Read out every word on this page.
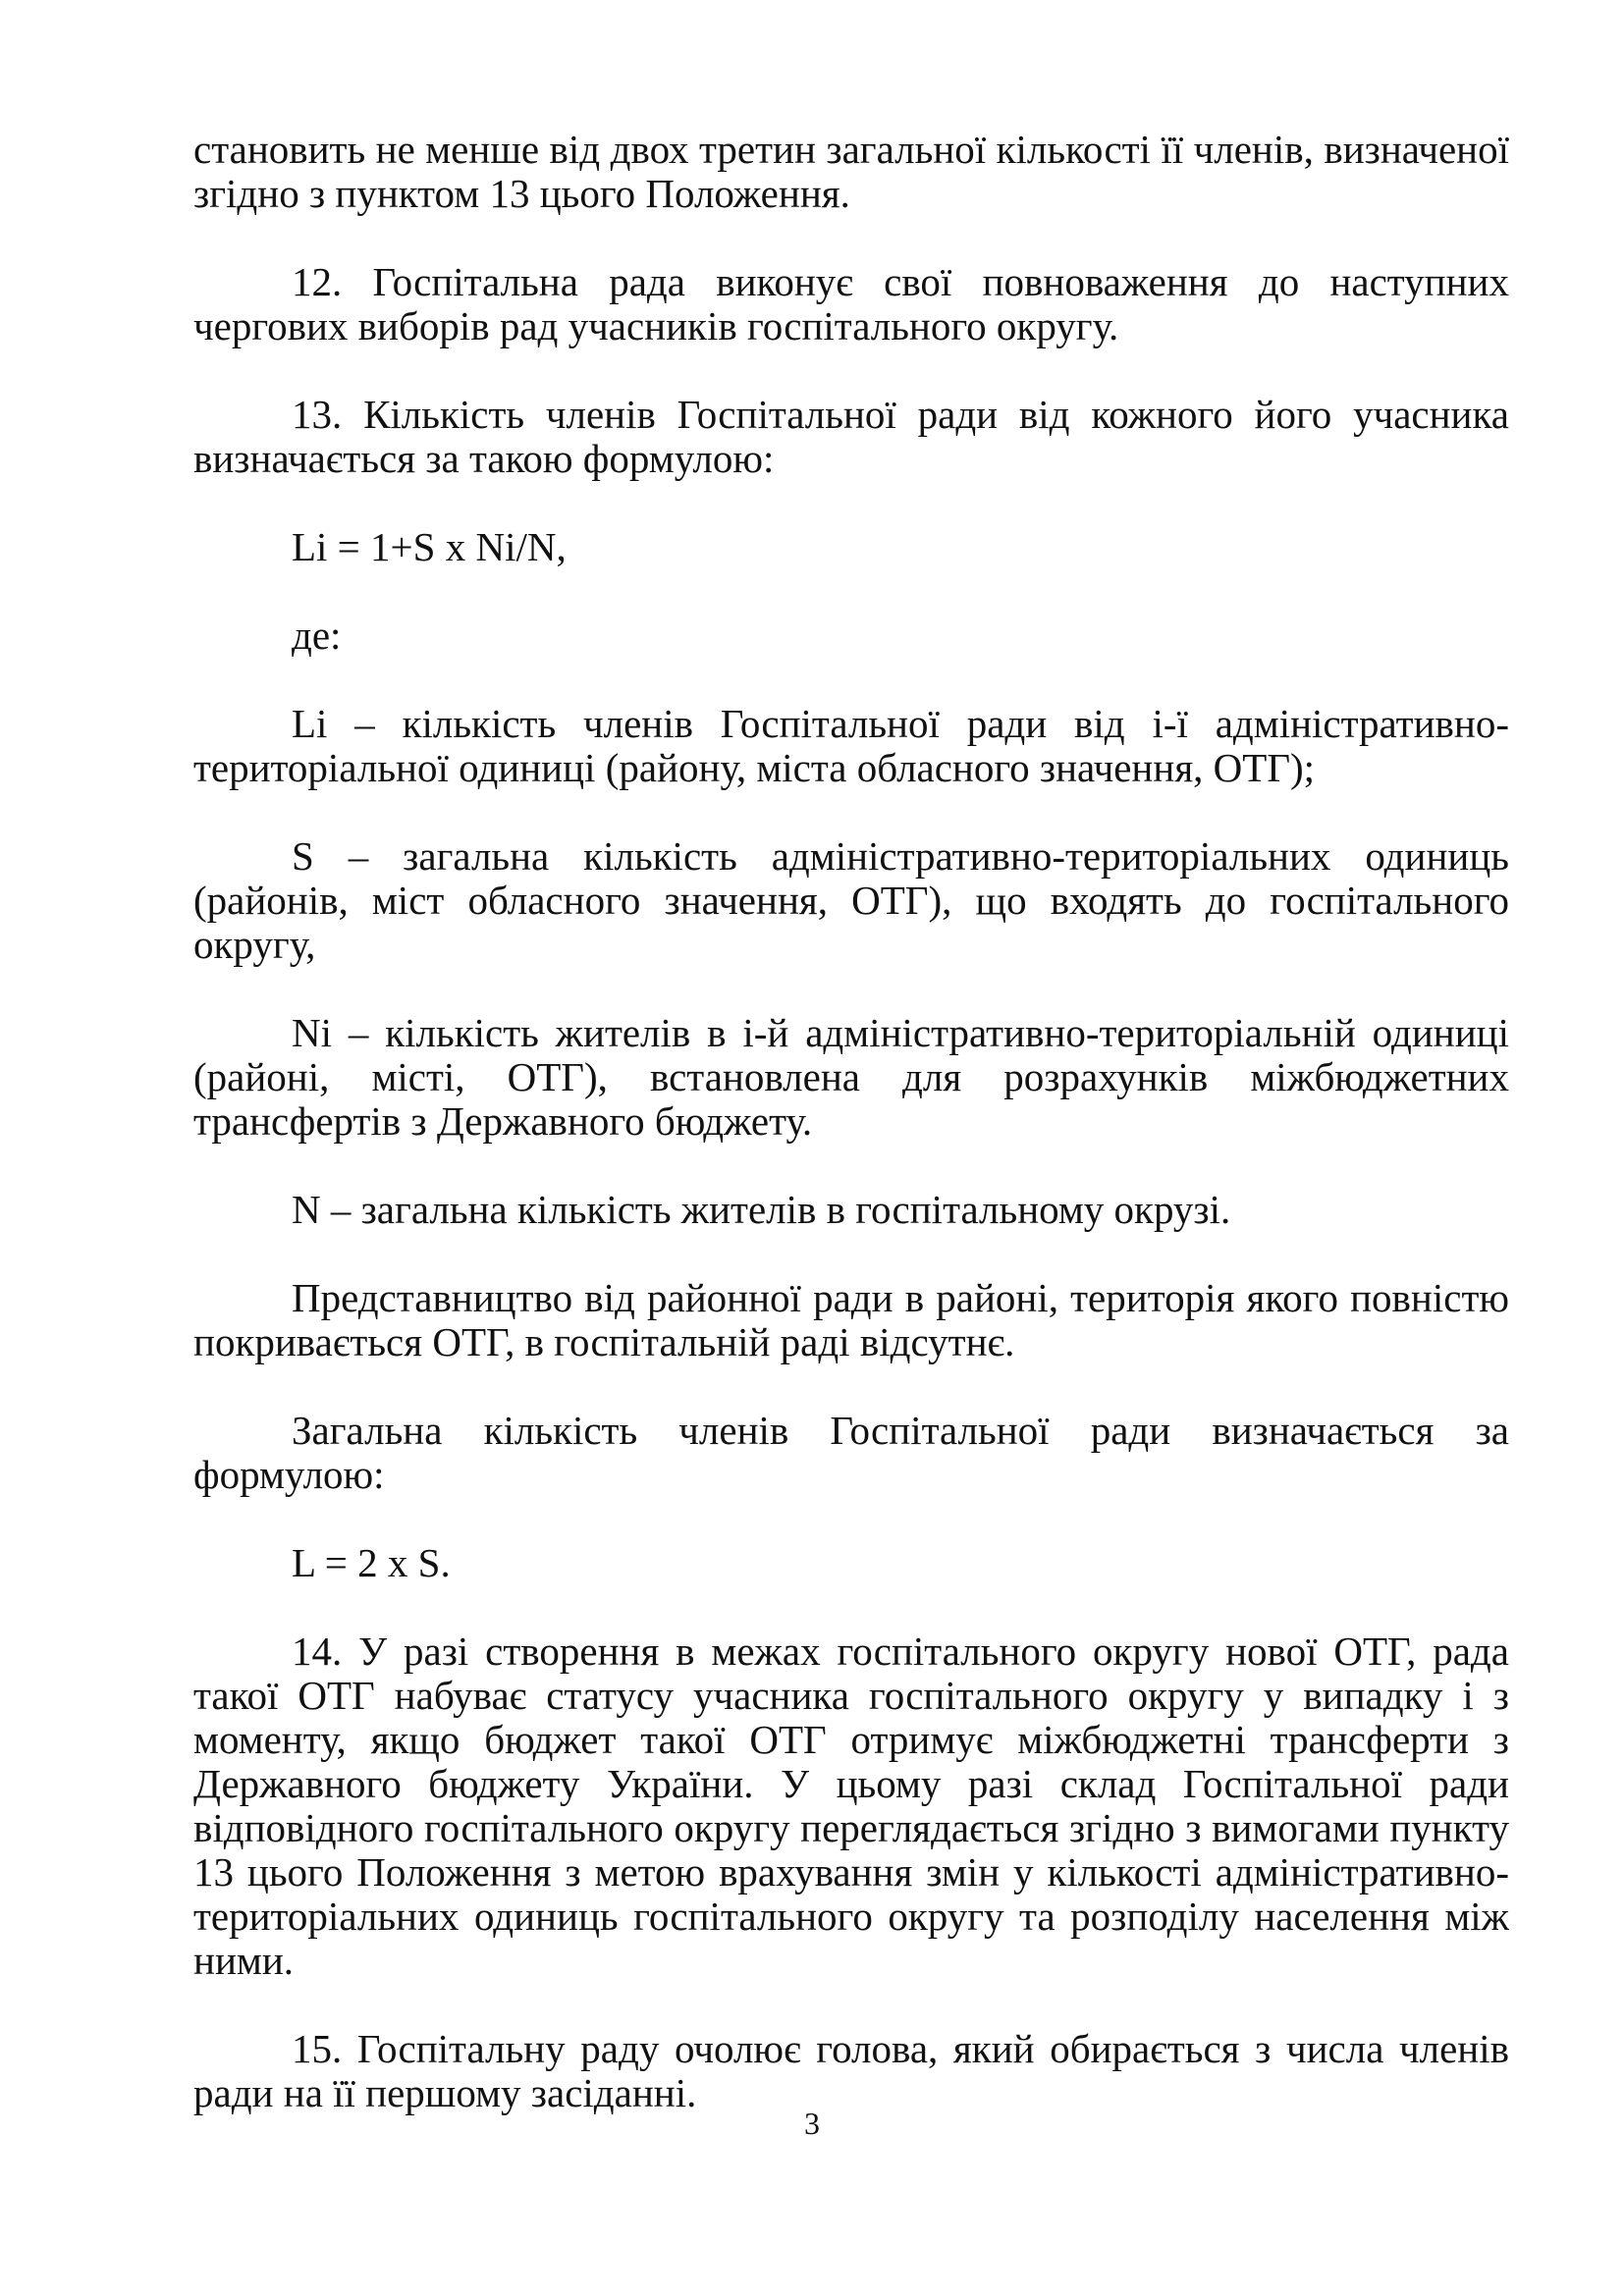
становить не менше від двох третин загальної кількості її членів, визначеної згідно з пунктом 13 цього Положення.

12. Госпітальна рада виконує свої повноваження до наступних чергових виборів рад учасників госпітального округу.

13. Кількість членів Госпітальної ради від кожного його учасника визначається за такою формулою:

Li = 1+S x Ni/N,

де:

Li – кількість членів Госпітальної ради від і-ї адміністративно-територіальної одиниці (району, міста обласного значення, ОТГ);

S – загальна кількість адміністративно-територіальних одиниць (районів, міст обласного значення, ОТГ), що входять до госпітального округу,

Ni – кількість жителів в і-й адміністративно-територіальній одиниці (районі, місті, ОТГ), встановлена для розрахунків міжбюджетних трансфертів з Державного бюджету.

N – загальна кількість жителів в госпітальному окрузі.

Представництво від районної ради в районі, територія якого повністю покривається ОТГ, в госпітальній раді відсутнє.

Загальна кількість членів Госпітальної ради визначається за формулою:

L = 2 х S.

14. У разі створення в межах госпітального округу нової ОТГ, рада такої ОТГ набуває статусу учасника госпітального округу у випадку і з моменту, якщо бюджет такої ОТГ отримує міжбюджетні трансферти з Державного бюджету України. У цьому разі склад Госпітальної ради відповідного госпітального округу переглядається згідно з вимогами пункту 13 цього Положення з метою врахування змін у кількості адміністративно-територіальних одиниць госпітального округу та розподілу населення між ними.

15. Госпітальну раду очолює голова, який обирається з числа членів ради на її першому засіданні.

3
